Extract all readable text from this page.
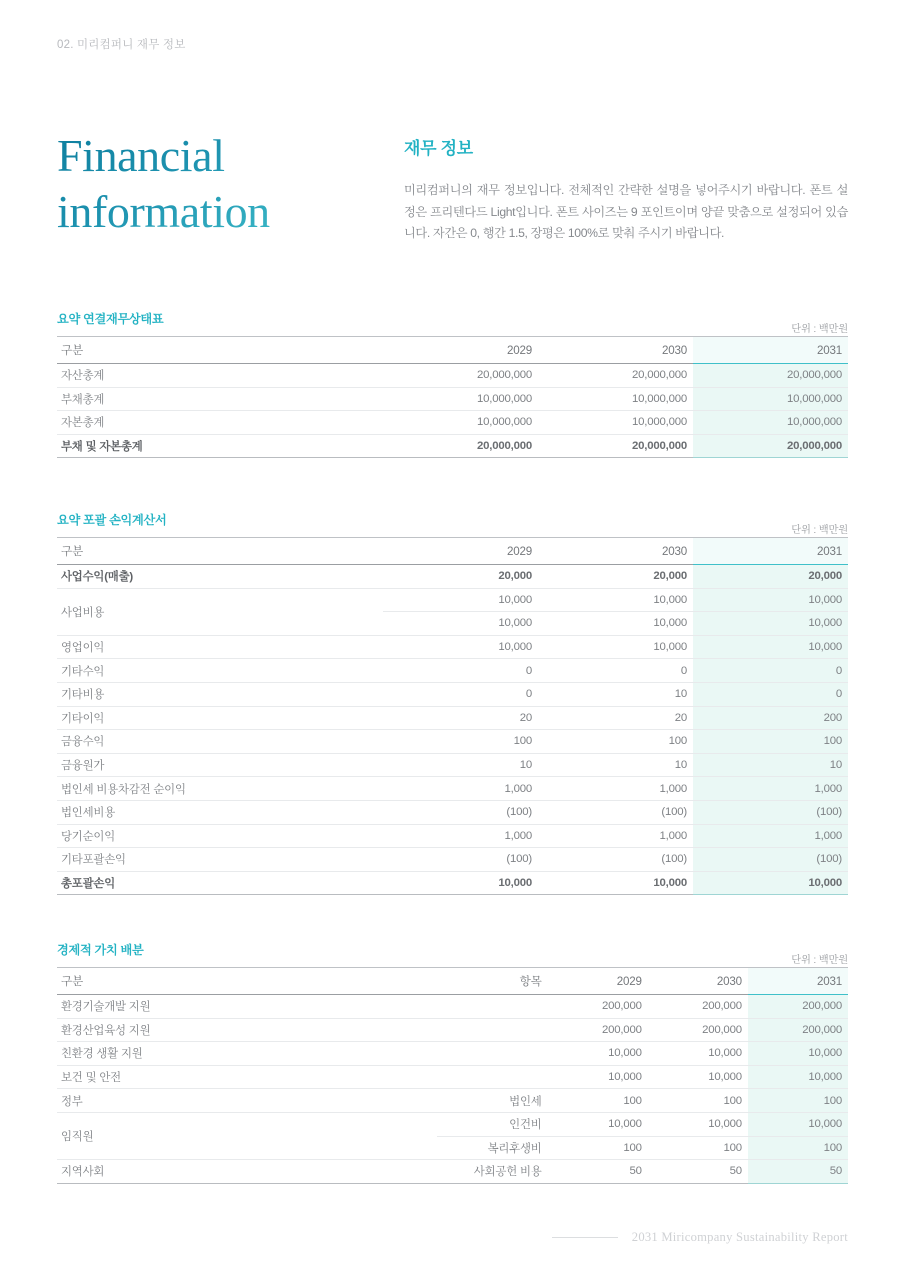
02. 미리컴퍼니 재무 정보
Financial
information

재무 정보

미리컴퍼니의 재무 정보입니다. 전체적인 간략한 설명을 넣어주시기 바랍니다. 폰트 설정은 프리텐다드 Light입니다. 폰트 사이즈는 9 포인트이며 양끝 맞춤으로 설정되어 있습니다. 자간은 0, 행간 1.5, 장평은 100%로 맞춰 주시기 바랍니다.

요약 연결재무상태표
단위 : 백만원
구분	2029	2030	2031
자산총계	20,000,000	20,000,000	20,000,000
부채총계	10,000,000	10,000,000	10,000,000
자본총계	10,000,000	10,000,000	10,000,000
부채 및 자본총계	20,000,000	20,000,000	20,000,000
요약 포괄 손익계산서
단위 : 백만원
구분	2029	2030	2031
사업수익(매출)	20,000	20,000	20,000
사업비용	10,000	10,000	10,000
	10,000	10,000	10,000
영업이익	10,000	10,000	10,000
기타수익	0	0	0
기타비용	0	10	0
기타이익	20	20	200
금융수익	100	100	100
금융원가	10	10	10
법인세 비용차감전 순이익	1,000	1,000	1,000
법인세비용	(100)	(100)	(100)
당기순이익	1,000	1,000	1,000
기타포괄손익	(100)	(100)	(100)
총포괄손익	10,000	10,000	10,000
경제적 가치 배분
단위 : 백만원
구분	항목	2029	2030	2031
환경기술개발 지원		200,000	200,000	200,000
환경산업육성 지원		200,000	200,000	200,000
친환경 생활 지원		10,000	10,000	10,000
보건 및 안전		10,000	10,000	10,000
정부	법인세	100	100	100
임직원	인건비	10,000	10,000	10,000
	복리후생비	100	100	100
지역사회	사회공헌 비용	50	50	50
2031 Miricompany Sustainability Report
